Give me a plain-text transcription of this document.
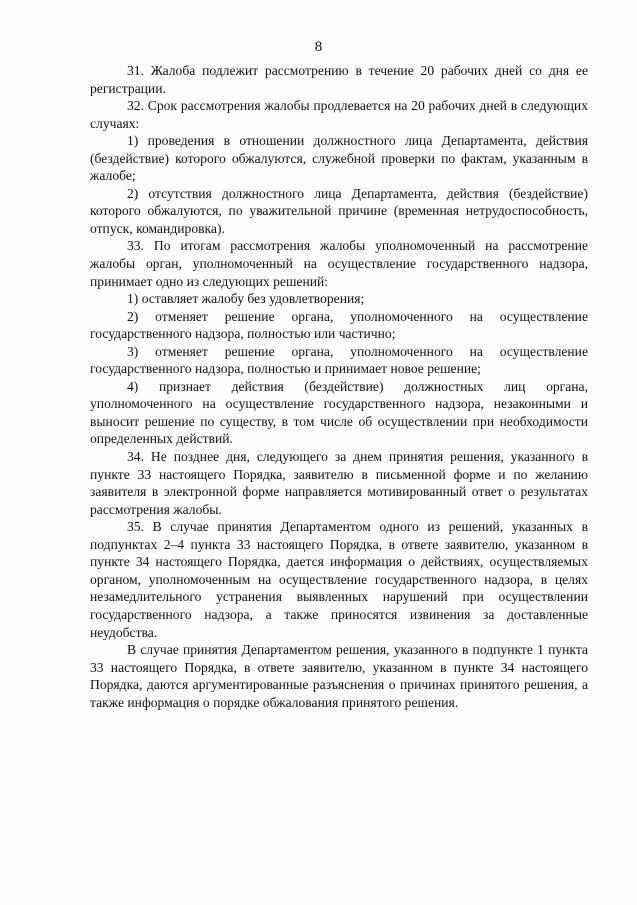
8

31. Жалоба подлежит рассмотрению в течение 20 рабочих дней со дня ее регистрации.

32. Срок рассмотрения жалобы продлевается на 20 рабочих дней в следующих случаях:

1) проведения в отношении должностного лица Департамента, действия (бездействие) которого обжалуются, служебной проверки по фактам, указанным в жалобе;

2) отсутствия должностного лица Департамента, действия (бездействие) которого обжалуются, по уважительной причине (временная нетрудоспособность, отпуск, командировка).

33. По итогам рассмотрения жалобы уполномоченный на рассмотрение жалобы орган, уполномоченный на осуществление государственного надзора, принимает одно из следующих решений:

1) оставляет жалобу без удовлетворения;

2) отменяет решение органа, уполномоченного на осуществление государственного надзора, полностью или частично;

3) отменяет решение органа, уполномоченного на осуществление государственного надзора, полностью и принимает новое решение;

4) признает действия (бездействие) должностных лиц органа, уполномоченного на осуществление государственного надзора, незаконными и выносит решение по существу, в том числе об осуществлении при необходимости определенных действий.

34. Не позднее дня, следующего за днем принятия решения, указанного в пункте 33 настоящего Порядка, заявителю в письменной форме и по желанию заявителя в электронной форме направляется мотивированный ответ о результатах рассмотрения жалобы.

35. В случае принятия Департаментом одного из решений, указанных в подпунктах 2–4 пункта 33 настоящего Порядка, в ответе заявителю, указанном в пункте 34 настоящего Порядка, дается информация о действиях, осуществляемых органом, уполномоченным на осуществление государственного надзора, в целях незамедлительного устранения выявленных нарушений при осуществлении государственного надзора, а также приносятся извинения за доставленные неудобства.

В случае принятия Департаментом решения, указанного в подпункте 1 пункта 33 настоящего Порядка, в ответе заявителю, указанном в пункте 34 настоящего Порядка, даются аргументированные разъяснения о причинах принятого решения, а также информация о порядке обжалования принятого решения.
